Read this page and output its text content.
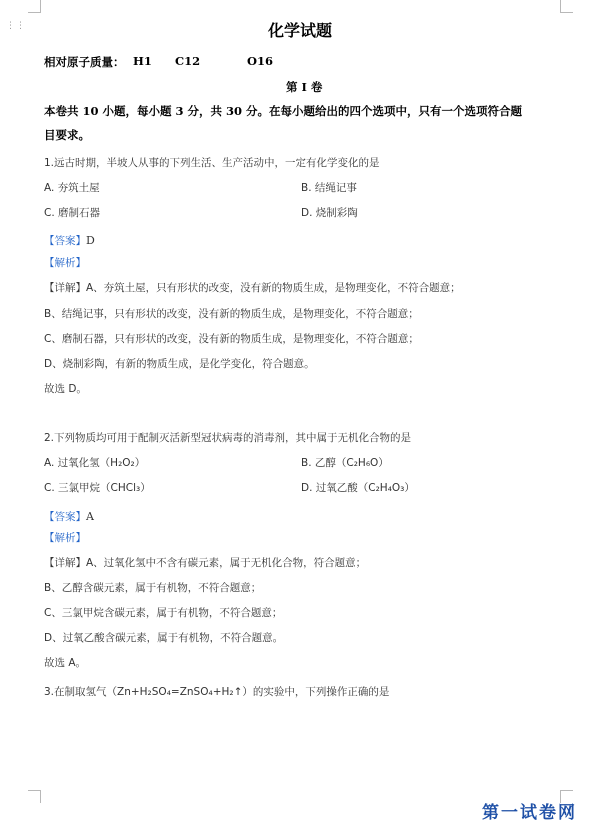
⋮⋮	化学试题
相对原子质量： H1 C12	O16
第 I 卷
本卷共 10 小题，每小题 3 分，共 30 分。在每小题给出的四个选项中，只有一个选项符合题
目要求。
1.远古时期，半坡人从事的下列生活、生产活动中，一定有化学变化的是
A. 夯筑土屋	B. 结绳记事
C. 磨制石器	D. 烧制彩陶
【答案】D
【解析】
【详解】A、夯筑土屋，只有形状的改变，没有新的物质生成，是物理变化，不符合题意；
B、结绳记事，只有形状的改变，没有新的物质生成，是物理变化，不符合题意；
C、磨制石器，只有形状的改变，没有新的物质生成，是物理变化，不符合题意；
D、烧制彩陶，有新的物质生成，是化学变化，符合题意。
故选 D。
2.下列物质均可用于配制灭活新型冠状病毒的消毒剂，其中属于无机化合物的是
A. 过氧化氢（H₂O₂）	B. 乙醇（C₂H₆O）
C. 三氯甲烷（CHCl₃）	D. 过氧乙酸（C₂H₄O₃）
【答案】A
【解析】
【详解】A、过氧化氢中不含有碳元素，属于无机化合物，符合题意；
B、乙醇含碳元素，属于有机物，不符合题意；
C、三氯甲烷含碳元素，属于有机物，不符合题意；
D、过氧乙酸含碳元素，属于有机物，不符合题意。
故选 A。
3.在制取氢气（Zn+H₂SO₄=ZnSO₄+H₂↑）的实验中，下列操作正确的是
第一试卷网
